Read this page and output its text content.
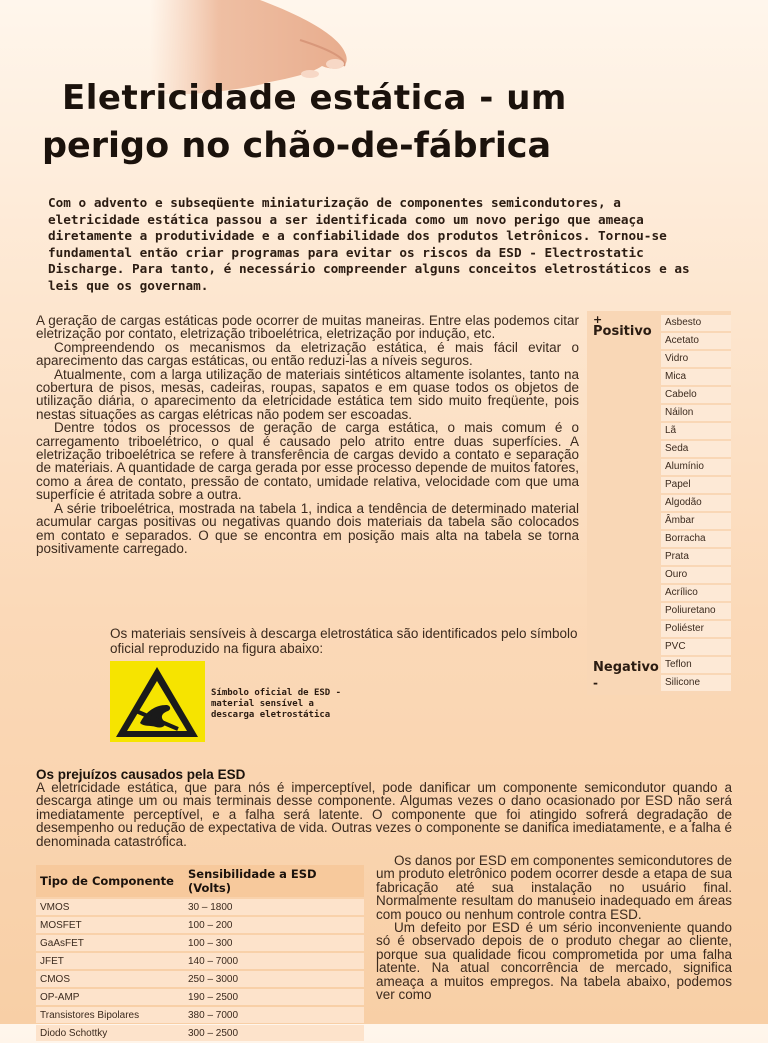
Eletricidade estática - um
perigo no chão-de-fábrica
Com o advento e subseqüente miniaturização de componentes semicondutores, a eletricidade estática passou a ser identificada como um novo perigo que ameaça diretamente a produtividade e a confiabilidade dos produtos letrônicos. Tornou-se fundamental então criar programas para evitar os riscos da ESD - Electrostatic Discharge. Para tanto, é necessário compreender alguns conceitos eletrostáticos e as leis que os governam.

A geração de cargas estáticas pode ocorrer de muitas maneiras. Entre elas podemos citar eletrização por contato, eletrização triboelétrica, eletrização por indução, etc.

Compreendendo os mecanismos da eletrização estática, é mais fácil evitar o aparecimento das cargas estáticas, ou então reduzi-las a níveis seguros.

Atualmente, com a larga utilização de materiais sintéticos altamente isolantes, tanto na cobertura de pisos, mesas, cadeiras, roupas, sapatos e em quase todos os objetos de utilização diária, o aparecimento da eletricidade estática tem sido muito freqüente, pois nestas situações as cargas elétricas não podem ser escoadas.

Dentre todos os processos de geração de carga estática, o mais comum é o carregamento triboelétrico, o qual é causado pelo atrito entre duas superfícies. A eletrização triboelétrica se refere à transferência de cargas devido a contato e separação de materiais. A quantidade de carga gerada por esse processo depende de muitos fatores, como a área de contato, pressão de contato, umidade relativa, velocidade com que uma superfície é atritada sobre a outra.

A série triboelétrica, mostrada na tabela 1, indica a tendência de determinado material acumular cargas positivas ou negativas quando dois materiais da tabela são colocados em contato e separados. O que se encontra em posição mais alta na tabela se torna positivamente carregado.

Os materiais sensíveis à descarga eletrostática são identificados pelo símbolo oficial reproduzido na figura abaixo:
Símbolo oficial de ESD - material sensível a descarga eletrostática
+
Positivo
Asbesto
Acetato
Vidro
Mica
Cabelo
Náilon
Lã
Seda
Alumínio
Papel
Algodão
Âmbar
Borracha
Prata
Ouro
Acrílico
Poliuretano
Poliéster
PVC
Teflon
Silicone
Negativo
-
Os prejuízos causados pela ESD

A eletricidade estática, que para nós é imperceptível, pode danificar um componente semicondutor quando a descarga atinge um ou mais terminais desse componente. Algumas vezes o dano ocasionado por ESD não será imediatamente perceptível, e a falha será latente. O componente que foi atingido sofrerá degradação de desempenho ou redução de expectativa de vida. Outras vezes o componente se danifica imediatamente, e a falha é denominada catastrófica.

Tipo de Componente	Sensibilidade a ESD (Volts)
VMOS	30 – 1800
MOSFET	100 – 200
GaAsFET	100 – 300
JFET	140 – 7000
CMOS	250 – 3000
OP-AMP	190 – 2500
Transistores Bipolares	380 – 7000
Diodo Schottky	300 – 2500

Os danos por ESD em componentes semicondutores de um produto eletrônico podem ocorrer desde a etapa de sua fabricação até sua instalação no usuário final. Normalmente resultam do manuseio inadequado em áreas com pouco ou nenhum controle contra ESD.

Um defeito por ESD é um sério inconveniente quando só é observado depois de o produto chegar ao cliente, porque sua qualidade ficou comprometida por uma falha latente. Na atual concorrência de mercado, significa ameaça a muitos empregos. Na tabela abaixo, podemos ver como
